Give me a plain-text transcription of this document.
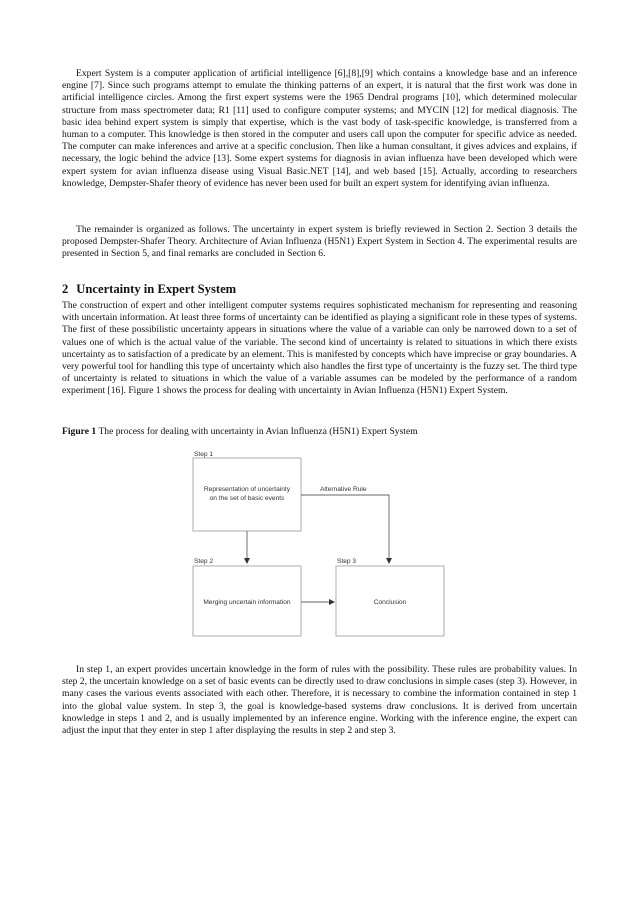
Expert System is a computer application of artificial intelligence [6],[8],[9] which contains a knowledge base and an inference engine [7]. Since such programs attempt to emulate the thinking patterns of an expert, it is natural that the first work was done in artificial intelligence circles. Among the first expert systems were the 1965 Dendral programs [10], which determined molecular structure from mass spectrometer data; R1 [11] used to configure computer systems; and MYCIN [12] for medical diagnosis. The basic idea behind expert system is simply that expertise, which is the vast body of task-specific knowledge, is transferred from a human to a computer. This knowledge is then stored in the computer and users call upon the computer for specific advice as needed. The computer can make inferences and arrive at a specific conclusion. Then like a human consultant, it gives advices and explains, if necessary, the logic behind the advice [13]. Some expert systems for diagnosis in avian influenza have been developed which were expert system for avian influenza disease using Visual Basic.NET [14], and web based [15]. Actually, according to researchers knowledge, Dempster-Shafer theory of evidence has never been used for built an expert system for identifying avian influenza.

The remainder is organized as follows. The uncertainty in expert system is briefly reviewed in Section 2. Section 3 details the proposed Dempster-Shafer Theory. Architecture of Avian Influenza (H5N1) Expert System in Section 4. The experimental results are presented in Section 5, and final remarks are concluded in Section 6.

2 Uncertainty in Expert System

The construction of expert and other intelligent computer systems requires sophisticated mechanism for representing and reasoning with uncertain information. At least three forms of uncertainty can be identified as playing a significant role in these types of systems. The first of these possibilistic uncertainty appears in situations where the value of a variable can only be narrowed down to a set of values one of which is the actual value of the variable. The second kind of uncertainty is related to situations in which there exists uncertainty as to satisfaction of a predicate by an element. This is manifested by concepts which have imprecise or gray boundaries. A very powerful tool for handling this type of uncertainty which also handles the first type of uncertainty is the fuzzy set. The third type of uncertainty is related to situations in which the value of a variable assumes can be modeled by the performance of a random experiment [16]. Figure 1 shows the process for dealing with uncertainty in Avian Influenza (H5N1) Expert System.

Figure 1 The process for dealing with uncertainty in Avian Influenza (H5N1) Expert System

Step 1
Representation of uncertainty
on the set of basic events
Alternative Rule
Step 2
Merging uncertain information
Step 3
Conclusion

In step 1, an expert provides uncertain knowledge in the form of rules with the possibility. These rules are probability values. In step 2, the uncertain knowledge on a set of basic events can be directly used to draw conclusions in simple cases (step 3). However, in many cases the various events associated with each other. Therefore, it is necessary to combine the information contained in step 1 into the global value system. In step 3, the goal is knowledge-based systems draw conclusions. It is derived from uncertain knowledge in steps 1 and 2, and is usually implemented by an inference engine. Working with the inference engine, the expert can adjust the input that they enter in step 1 after displaying the results in step 2 and step 3.
